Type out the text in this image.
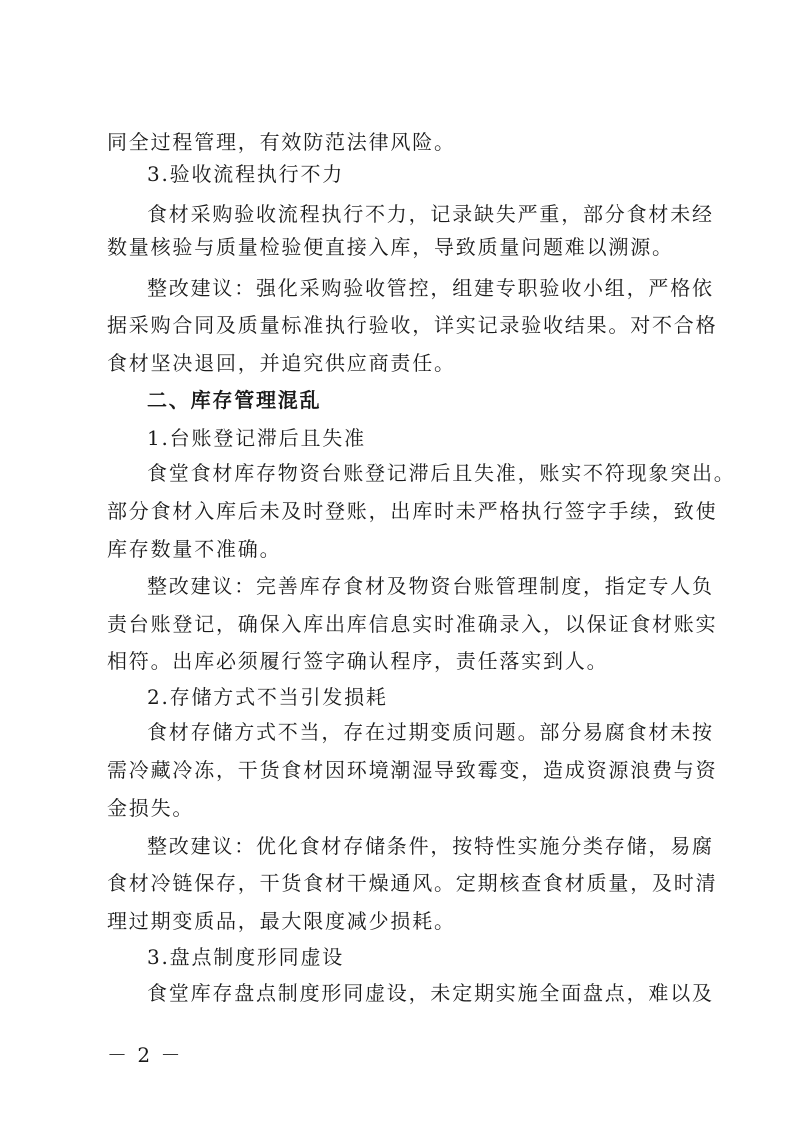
同全过程管理，有效防范法律风险。
3.验收流程执行不力
食材采购验收流程执行不力，记录缺失严重，部分食材未经
数量核验与质量检验便直接入库，导致质量问题难以溯源。
整改建议：强化采购验收管控，组建专职验收小组，严格依
据采购合同及质量标准执行验收，详实记录验收结果。对不合格
食材坚决退回，并追究供应商责任。
二、库存管理混乱
1.台账登记滞后且失准
食堂食材库存物资台账登记滞后且失准，账实不符现象突出。
部分食材入库后未及时登账，出库时未严格执行签字手续，致使
库存数量不准确。
整改建议：完善库存食材及物资台账管理制度，指定专人负
责台账登记，确保入库出库信息实时准确录入，以保证食材账实
相符。出库必须履行签字确认程序，责任落实到人。
2.存储方式不当引发损耗
食材存储方式不当，存在过期变质问题。部分易腐食材未按
需冷藏冷冻，干货食材因环境潮湿导致霉变，造成资源浪费与资
金损失。
整改建议：优化食材存储条件，按特性实施分类存储，易腐
食材冷链保存，干货食材干燥通风。定期核查食材质量，及时清
理过期变质品，最大限度减少损耗。
3.盘点制度形同虚设
食堂库存盘点制度形同虚设，未定期实施全面盘点，难以及
－ 2 －
